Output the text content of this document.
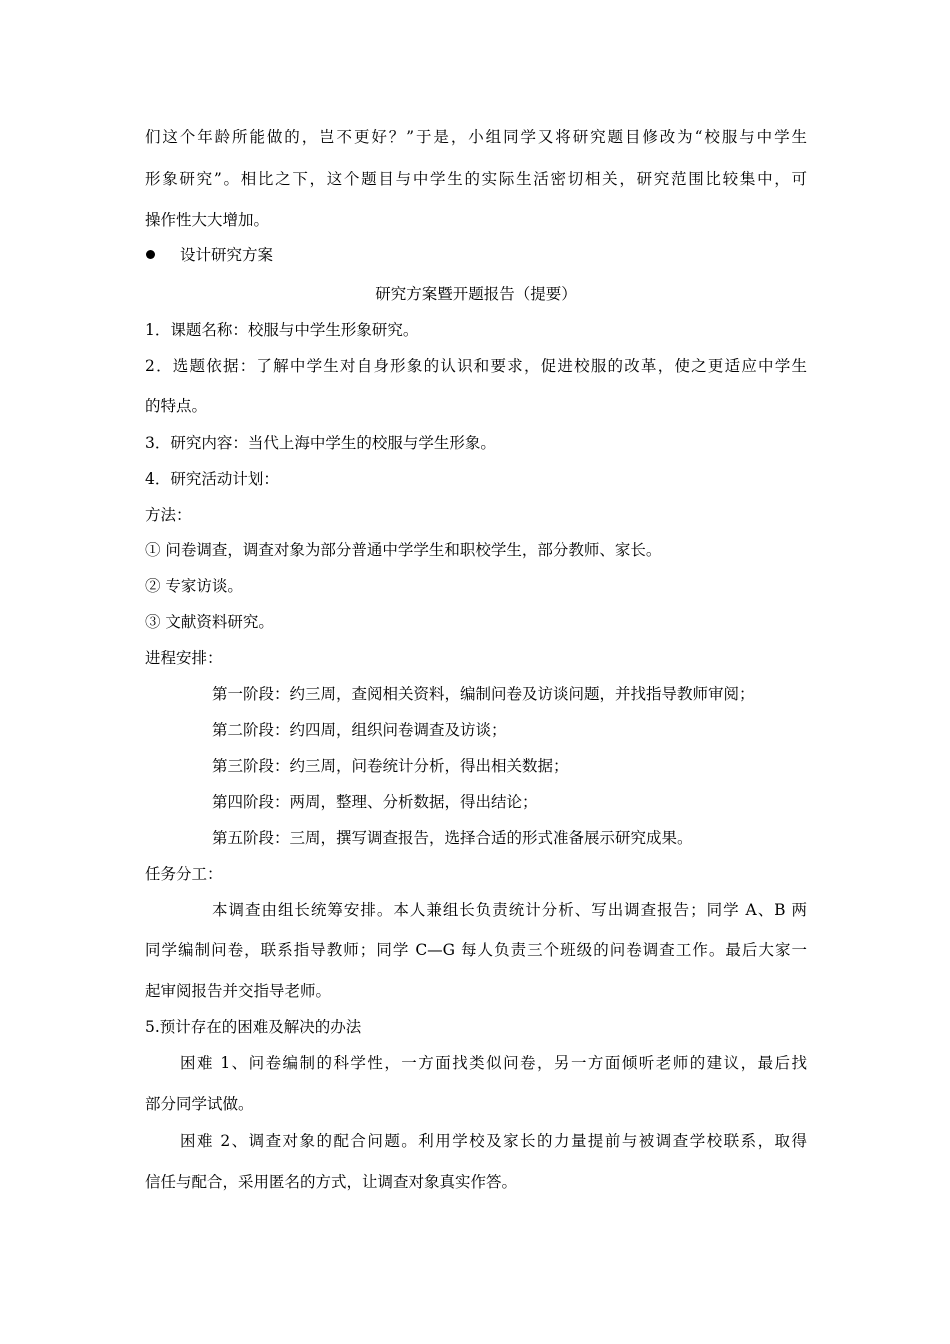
们这个年龄所能做的，岂不更好？”于是，小组同学又将研究题目修改为“校服与中学生
形象研究”。相比之下，这个题目与中学生的实际生活密切相关，研究范围比较集中，可
操作性大大增加。
设计研究方案
研究方案暨开题报告（提要）
1．课题名称：校服与中学生形象研究。
2．选题依据：了解中学生对自身形象的认识和要求，促进校服的改革，使之更适应中学生
的特点。
3．研究内容：当代上海中学生的校服与学生形象。
4．研究活动计划：
方法：
① 问卷调查，调查对象为部分普通中学学生和职校学生，部分教师、家长。
② 专家访谈。
③ 文献资料研究。
进程安排：
第一阶段：约三周，查阅相关资料，编制问卷及访谈问题，并找指导教师审阅；
第二阶段：约四周，组织问卷调查及访谈；
第三阶段：约三周，问卷统计分析，得出相关数据；
第四阶段：两周，整理、分析数据，得出结论；
第五阶段：三周，撰写调查报告，选择合适的形式准备展示研究成果。
任务分工：
本调查由组长统筹安排。本人兼组长负责统计分析、写出调查报告；同学 A、B 两
同学编制问卷，联系指导教师；同学 C—G 每人负责三个班级的问卷调查工作。最后大家一
起审阅报告并交指导老师。
5.预计存在的困难及解决的办法
困难 1、问卷编制的科学性，一方面找类似问卷，另一方面倾听老师的建议，最后找
部分同学试做。
困难 2、调查对象的配合问题。利用学校及家长的力量提前与被调查学校联系，取得
信任与配合，采用匿名的方式，让调查对象真实作答。
